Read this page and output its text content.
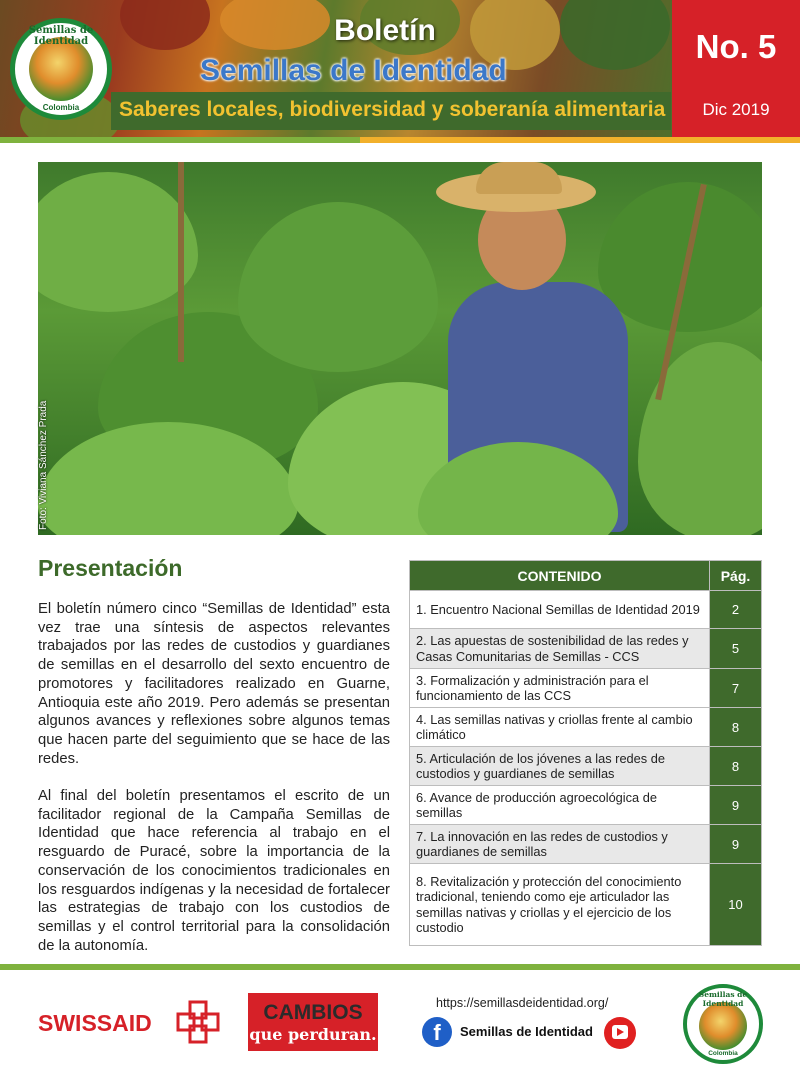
Semillas de Identidad
Colombia
Boletín
Semillas de Identidad
Saberes locales, biodiversidad y soberanía alimentaria
No. 5
Dic 2019
Foto: Viviana Sánchez Prada
Presentación
El boletín número cinco “Semillas de Identidad” esta vez trae una síntesis de aspectos relevantes trabajados por las redes de custodios y guardianes de semillas en el desarrollo del sexto encuentro de promotores y facilitadores realizado en Guarne, Antioquia este año 2019. Pero además se presentan algunos avances y reflexiones sobre algunos temas que hacen parte del seguimiento que se hace de las redes.
Al final del boletín presentamos el escrito de un facilitador regional de la Campaña Semillas de Identidad que hace referencia al trabajo en el resguardo de Puracé, sobre la importancia de la conservación de los conocimientos tradicionales en los resguardos indígenas y la necesidad de fortalecer las estrategias de trabajo con los custodios de semillas y el control territorial para la consolidación de la autonomía.
CONTENIDO	Pág.
1. Encuentro Nacional Semillas de Identidad 2019	2
2. Las apuestas de sostenibilidad de las redes y Casas Comunitarias de Semillas - CCS	5
3. Formalización y administración para el funcionamiento de las CCS	7
4. Las semillas nativas y criollas frente al cambio climático	8
5. Articulación de los jóvenes a las redes de custodios y guardianes de semillas	8
6. Avance de producción agroecológica de semillas	9
7. La innovación en las redes de custodios y guardianes de semillas	9
8. Revitalización y protección del conocimiento tradicional, teniendo como eje articulador las semillas nativas y criollas y el ejercicio de los custodio	10
SWISSAID	CAMBIOS
que perduran.
https://semillasdeidentidad.org/
f	Semillas de Identidad
Semillas de Identidad
Colombia
